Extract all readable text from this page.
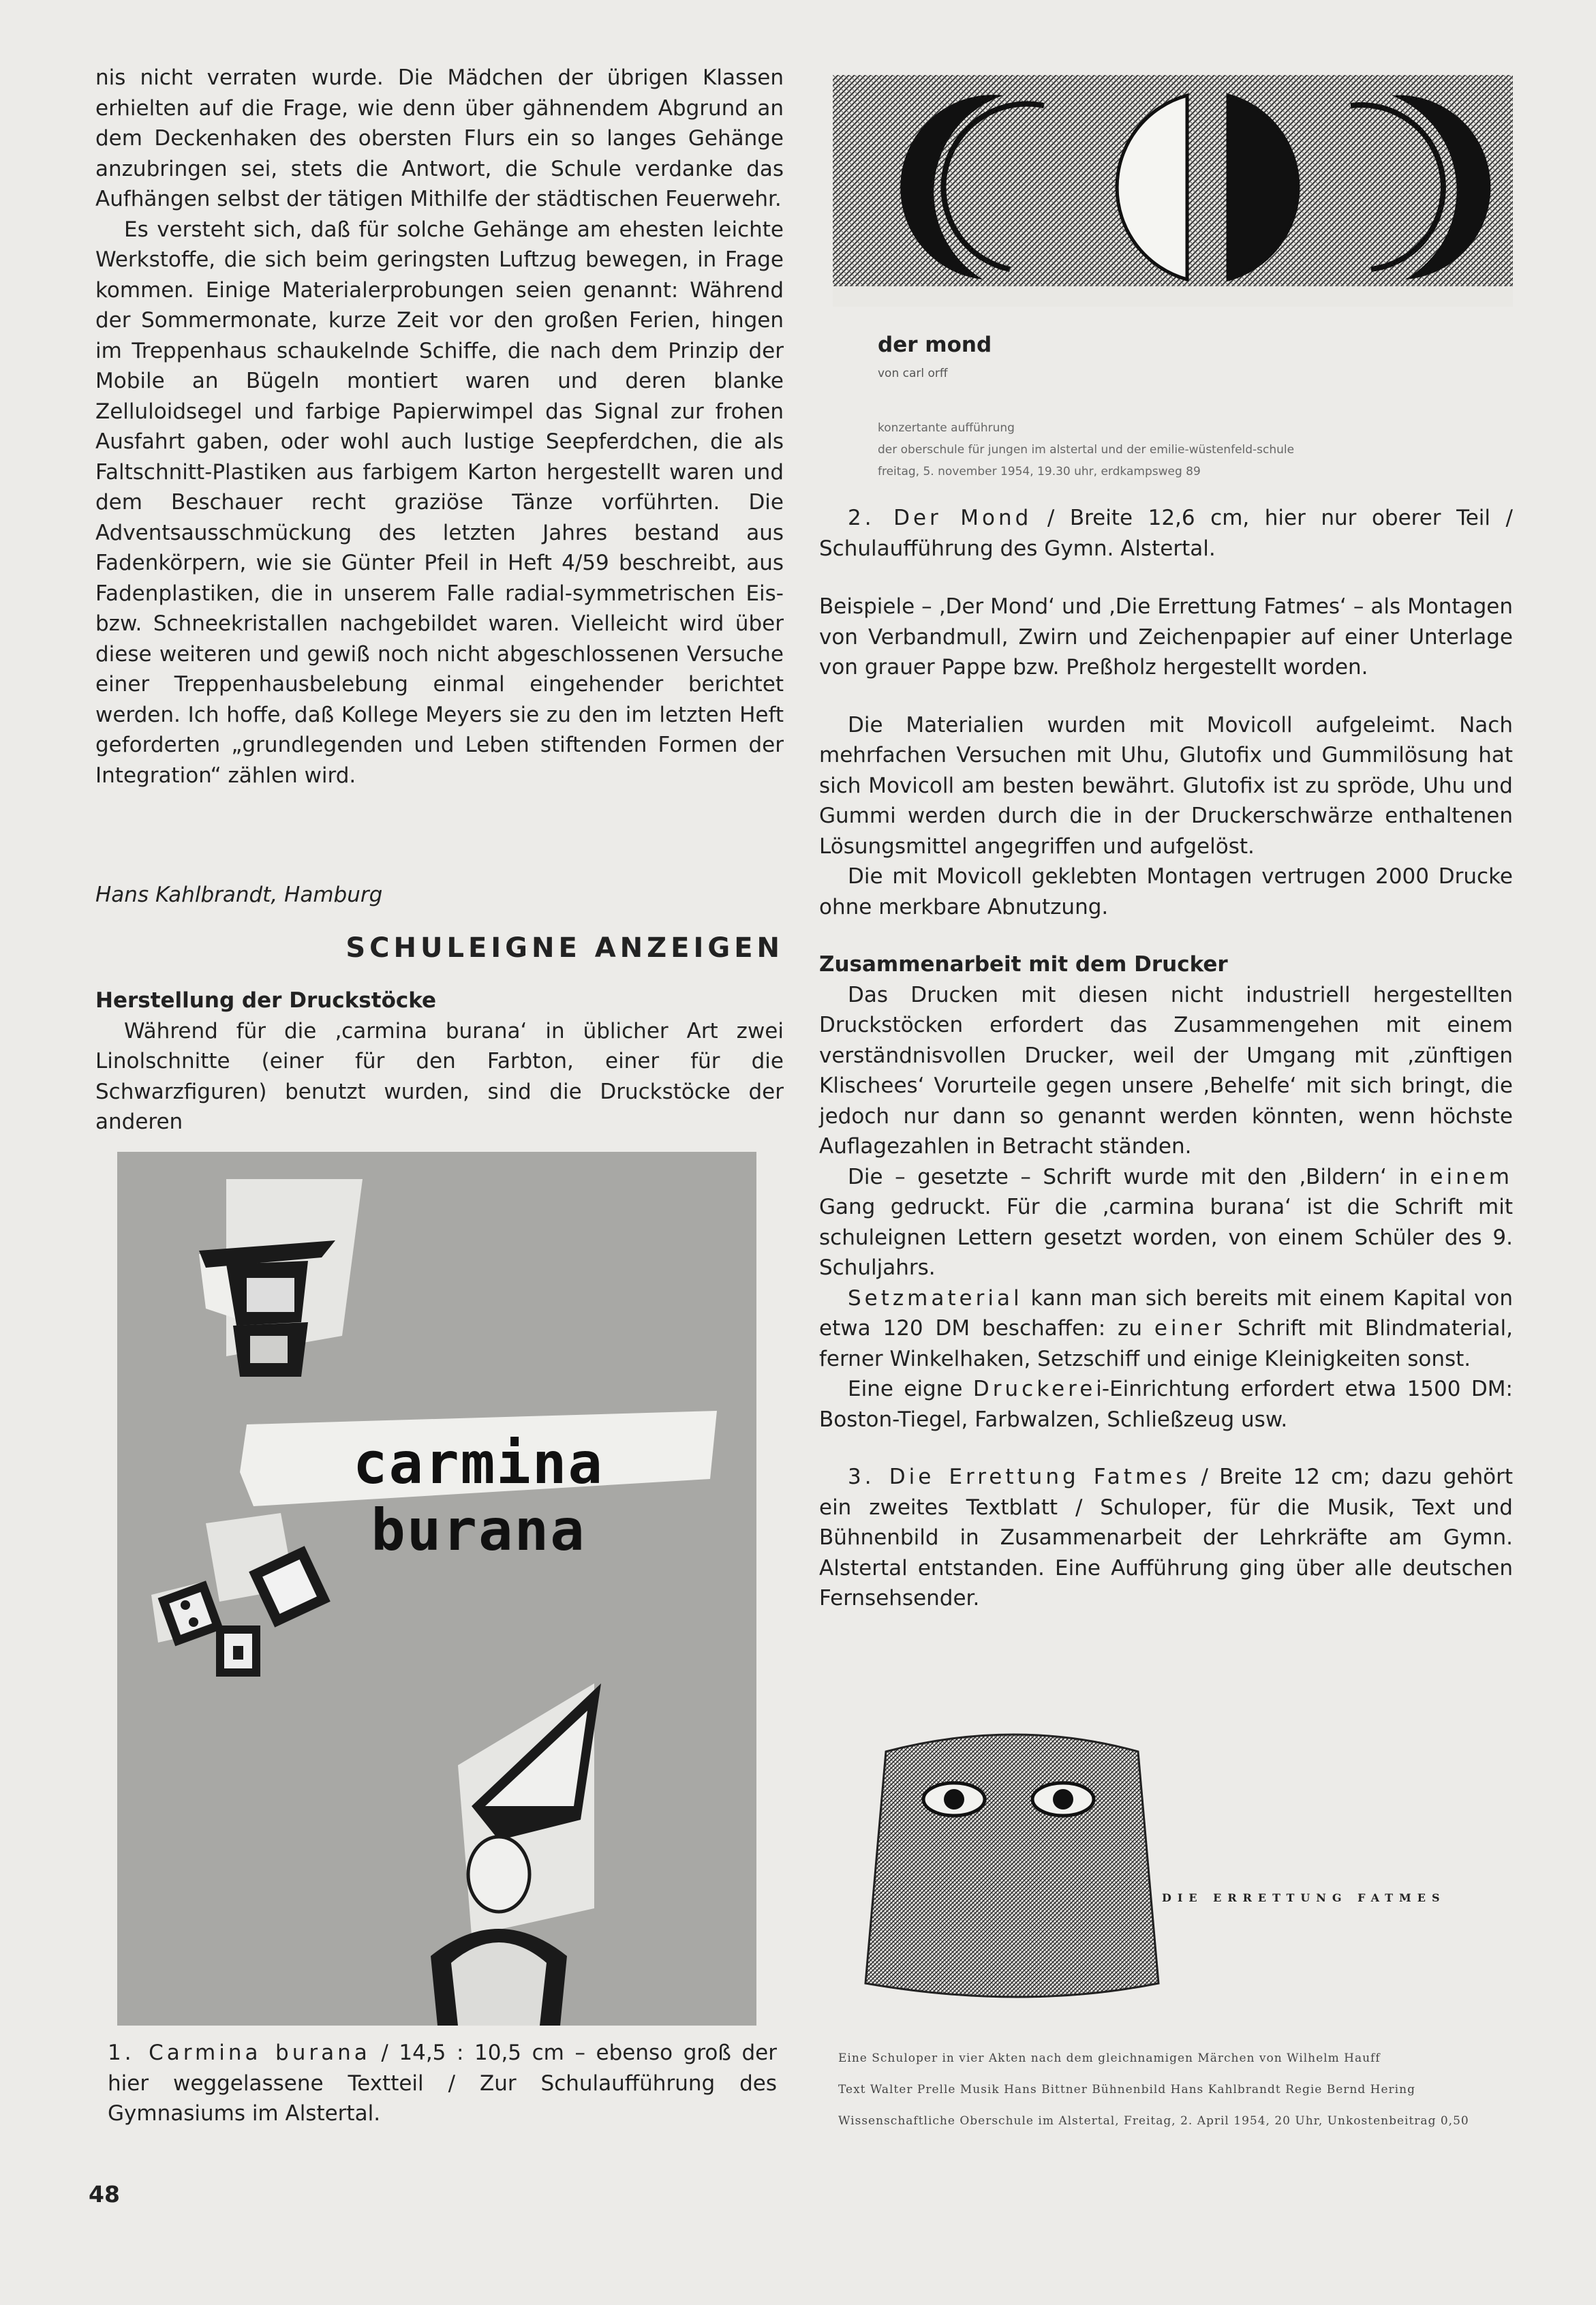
nis nicht verraten wurde. Die Mädchen der übrigen Klassen erhielten auf die Frage, wie denn über gähnendem Abgrund an dem Deckenhaken des obersten Flurs ein so langes Gehänge anzubringen sei, stets die Antwort, die Schule verdanke das Aufhängen selbst der tätigen Mithilfe der städtischen Feuerwehr.

Es versteht sich, daß für solche Gehänge am ehesten leichte Werkstoffe, die sich beim geringsten Luftzug bewegen, in Frage kommen. Einige Materialerprobungen seien genannt: Während der Sommermonate, kurze Zeit vor den großen Ferien, hingen im Treppenhaus schaukelnde Schiffe, die nach dem Prinzip der Mobile an Bügeln montiert waren und deren blanke Zelluloidsegel und farbige Papierwimpel das Signal zur frohen Ausfahrt gaben, oder wohl auch lustige Seepferdchen, die als Faltschnitt-Plastiken aus farbigem Karton hergestellt waren und dem Beschauer recht graziöse Tänze vorführten. Die Adventsausschmückung des letzten Jahres bestand aus Fadenkörpern, wie sie Günter Pfeil in Heft 4/59 beschreibt, aus Fadenplastiken, die in unserem Falle radial-symmetrischen Eis- bzw. Schneekristallen nachgebildet waren. Vielleicht wird über diese weiteren und gewiß noch nicht abgeschlossenen Versuche einer Treppenhausbelebung einmal eingehender berichtet werden. Ich hoffe, daß Kollege Meyers sie zu den im letzten Heft geforderten „grundlegenden und Leben stiftenden Formen der Integration“ zählen wird.

Hans Kahlbrandt, Hamburg
SCHULEIGNE ANZEIGEN
Herstellung der Druckstöcke

Während für die ‚carmina burana‘ in üblicher Art zwei Linolschnitte (einer für den Farbton, einer für die Schwarzfiguren) benutzt wurden, sind die Druckstöcke der anderen

carmina burana
1. Carmina burana / 14,5 : 10,5 cm – ebenso groß der hier weggelassene Textteil / Zur Schulaufführung des Gymnasiums im Alstertal.
der mond
von carl orff
konzertante aufführung
der oberschule für jungen im alstertal und der emilie-wüstenfeld-schule
freitag, 5. november 1954, 19.30 uhr, erdkampsweg 89
2. Der Mond / Breite 12,6 cm, hier nur oberer Teil / Schulaufführung des Gymn. Alstertal.

Beispiele – ‚Der Mond‘ und ‚Die Errettung Fatmes‘ – als Montagen von Verbandmull, Zwirn und Zeichenpapier auf einer Unterlage von grauer Pappe bzw. Preßholz hergestellt worden.

Die Materialien wurden mit Movicoll aufgeleimt. Nach mehrfachen Versuchen mit Uhu, Glutofix und Gummilösung hat sich Movicoll am besten bewährt. Glutofix ist zu spröde, Uhu und Gummi werden durch die in der Druckerschwärze enthaltenen Lösungsmittel angegriffen und aufgelöst.

Die mit Movicoll geklebten Montagen vertrugen 2000 Drucke ohne merkbare Abnutzung.

Zusammenarbeit mit dem Drucker

Das Drucken mit diesen nicht industriell hergestellten Druckstöcken erfordert das Zusammengehen mit einem verständnisvollen Drucker, weil der Umgang mit ‚zünftigen Klischees‘ Vorurteile gegen unsere ‚Behelfe‘ mit sich bringt, die jedoch nur dann so genannt werden könnten, wenn höchste Auflagezahlen in Betracht ständen.

Die – gesetzte – Schrift wurde mit den ‚Bildern‘ in einem Gang gedruckt. Für die ‚carmina burana‘ ist die Schrift mit schuleignen Lettern gesetzt worden, von einem Schüler des 9. Schuljahrs.

Setzmaterial kann man sich bereits mit einem Kapital von etwa 120 DM beschaffen: zu einer Schrift mit Blindmaterial, ferner Winkelhaken, Setzschiff und einige Kleinigkeiten sonst.

Eine eigne Druckerei-Einrichtung erfordert etwa 1500 DM: Boston-Tiegel, Farbwalzen, Schließzeug usw.

3. Die Errettung Fatmes / Breite 12 cm; dazu gehört ein zweites Textblatt / Schuloper, für die Musik, Text und Bühnenbild in Zusammenarbeit der Lehrkräfte am Gymn. Alstertal entstanden. Eine Aufführung ging über alle deutschen Fernsehsender.

DIE ERRETTUNG FATMES
Eine Schuloper in vier Akten nach dem gleichnamigen Märchen von Wilhelm Hauff
Text Walter Prelle Musik Hans Bittner Bühnenbild Hans Kahlbrandt Regie Bernd Hering
Wissenschaftliche Oberschule im Alstertal, Freitag, 2. April 1954, 20 Uhr, Unkostenbeitrag 0,50
48
